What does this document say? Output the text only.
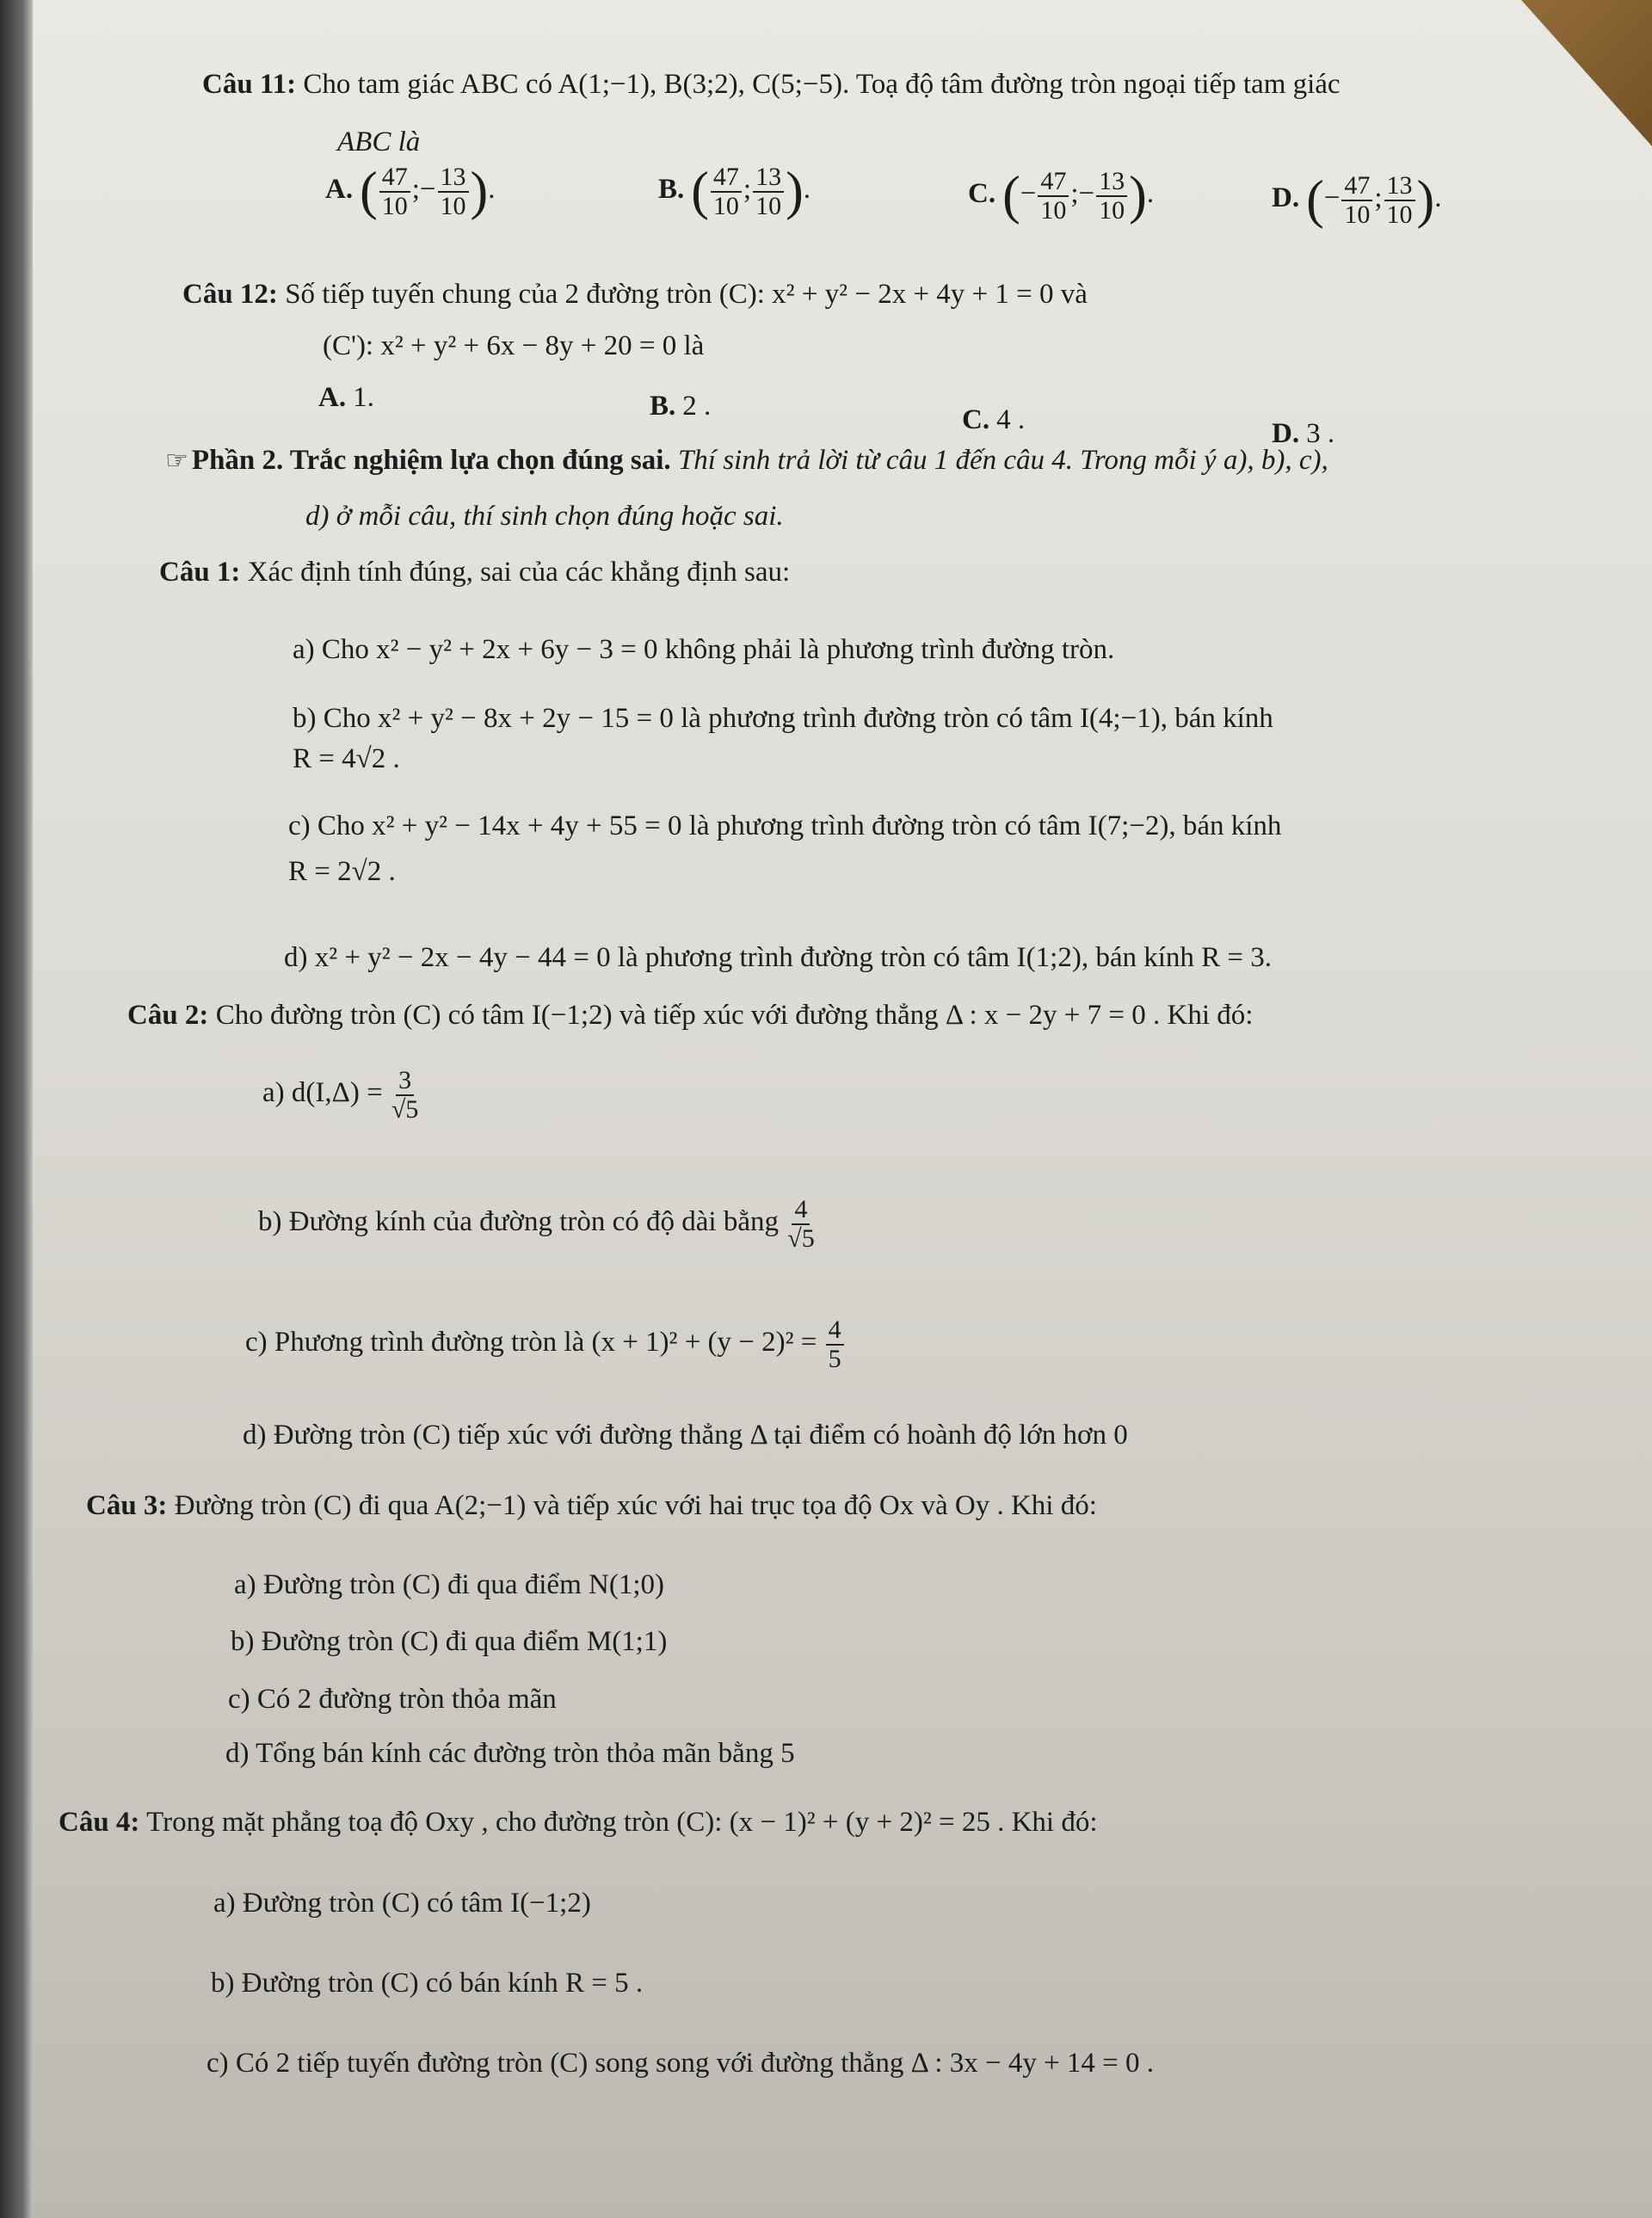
Câu 11: Cho tam giác ABC có A(1;−1), B(3;2), C(5;−5). Toạ độ tâm đường tròn ngoại tiếp tam giác
ABC là
A. ( $\frac{47}{10}$ ;− $\frac{13}{10}$ ).	B. ( $\frac{47}{10}$ ; $\frac{13}{10}$ ).	C. (− $\frac{47}{10}$ ;− $\frac{13}{10}$ ).	D. (− $\frac{47}{10}$ ; $\frac{13}{10}$ ).
Câu 12: Số tiếp tuyến chung của 2 đường tròn (C): x² + y² − 2x + 4y + 1 = 0 và
(C'): x² + y² + 6x − 8y + 20 = 0 là
A. 1.	B. 2 .	C. 4 .	D. 3 .
☞ Phần 2. Trắc nghiệm lựa chọn đúng sai. Thí sinh trả lời từ câu 1 đến câu 4. Trong mỗi ý a), b), c),
d) ở mỗi câu, thí sinh chọn đúng hoặc sai.
Câu 1: Xác định tính đúng, sai của các khẳng định sau:
a) Cho x² − y² + 2x + 6y − 3 = 0 không phải là phương trình đường tròn.
b) Cho x² + y² − 8x + 2y − 15 = 0 là phương trình đường tròn có tâm I(4;−1), bán kính
R = 4√2 .
c) Cho x² + y² − 14x + 4y + 55 = 0 là phương trình đường tròn có tâm I(7;−2), bán kính
R = 2√2 .
d) x² + y² − 2x − 4y − 44 = 0 là phương trình đường tròn có tâm I(1;2), bán kính R = 3.
Câu 2: Cho đường tròn (C) có tâm I(−1;2) và tiếp xúc với đường thẳng Δ : x − 2y + 7 = 0 . Khi đó:
a) $d(I,\Delta) = \frac{3}{√5}$
b) Đường kính của đường tròn có độ dài bằng $\frac{4}{√5}$
c) Phương trình đường tròn là $(x + 1)^2 + (y - 2)^2 = \frac{4}{5}$
d) Đường tròn (C) tiếp xúc với đường thẳng Δ tại điểm có hoành độ lớn hơn 0
Câu 3: Đường tròn (C) đi qua A(2;−1) và tiếp xúc với hai trục tọa độ Ox và Oy . Khi đó:
a) Đường tròn (C) đi qua điểm N(1;0)
b) Đường tròn (C) đi qua điểm M(1;1)
c) Có 2 đường tròn thỏa mãn
d) Tổng bán kính các đường tròn thỏa mãn bằng 5
Câu 4: Trong mặt phẳng toạ độ Oxy , cho đường tròn (C): (x − 1)² + (y + 2)² = 25 . Khi đó:
a) Đường tròn (C) có tâm I(−1;2)
b) Đường tròn (C) có bán kính R = 5 .
c) Có 2 tiếp tuyến đường tròn (C) song song với đường thẳng Δ : 3x − 4y + 14 = 0 .
